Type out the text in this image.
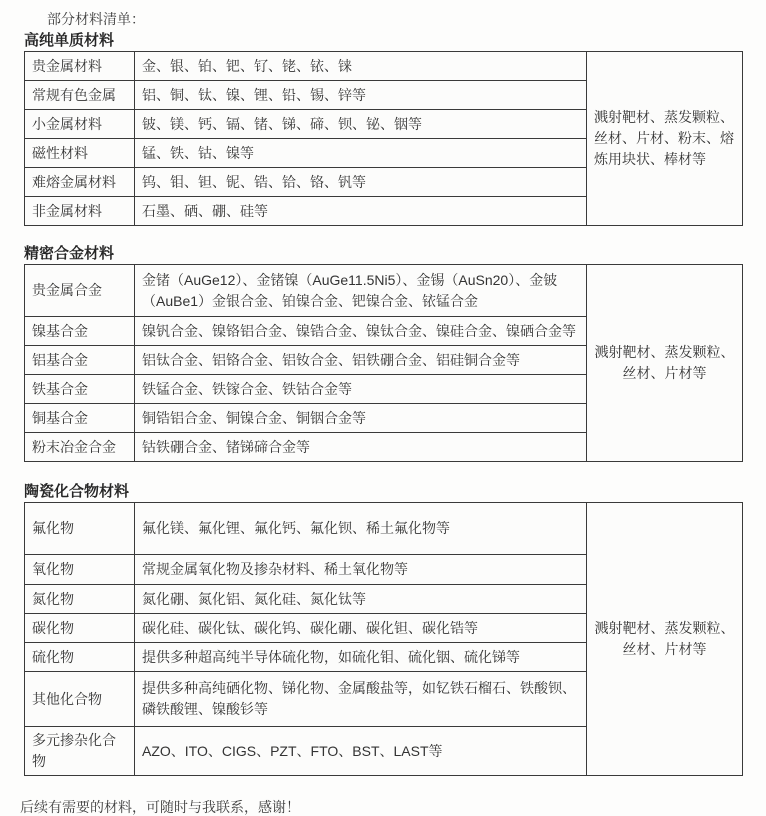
部分材料清单：
高纯单质材料
贵金属材料	金、银、铂、钯、钌、铑、铱、铼	溅射靶材、蒸发颗粒、丝材、片材、粉末、熔炼用块状、棒材等
常规有色金属	铝、铜、钛、镍、锂、铅、锡、锌等	
小金属材料	铍、镁、钙、镉、锗、锑、碲、钡、铋、铟等	
磁性材料	锰、铁、钴、镍等	
难熔金属材料	钨、钼、钽、铌、锆、铪、铬、钒等	
非金属材料	石墨、硒、硼、硅等	
精密合金材料
贵金属合金	金锗（AuGe12）、金锗镍（AuGe11.5Ni5）、金锡（AuSn20）、金铍（AuBe1）金银合金、铂镍合金、钯镍合金、铱锰合金	溅射靶材、蒸发颗粒、丝材、片材等
镍基合金	镍钒合金、镍铬铝合金、镍锆合金、镍钛合金、镍硅合金、镍硒合金等	
铝基合金	铝钛合金、铝铬合金、铝钕合金、铝铁硼合金、铝硅铜合金等	
铁基合金	铁锰合金、铁镓合金、铁钴合金等	
铜基合金	铜锆铝合金、铜镍合金、铜铟合金等	
粉末冶金合金	钴铁硼合金、锗锑碲合金等	
陶瓷化合物材料
氟化物	氟化镁、氟化锂、氟化钙、氟化钡、稀土氟化物等	溅射靶材、蒸发颗粒、丝材、片材等
氧化物	常规金属氧化物及掺杂材料、稀土氧化物等	
氮化物	氮化硼、氮化铝、氮化硅、氮化钛等	
碳化物	碳化硅、碳化钛、碳化钨、碳化硼、碳化钽、碳化锆等	
硫化物	提供多种超高纯半导体硫化物，如硫化钼、硫化铟、硫化锑等	
其他化合物	提供多种高纯硒化物、锑化物、金属酸盐等，如钇铁石榴石、铁酸钡、磷铁酸锂、镍酸钐等	
多元掺杂化合物	AZO、ITO、CIGS、PZT、FTO、BST、LAST等	
后续有需要的材料，可随时与我联系，感谢！
